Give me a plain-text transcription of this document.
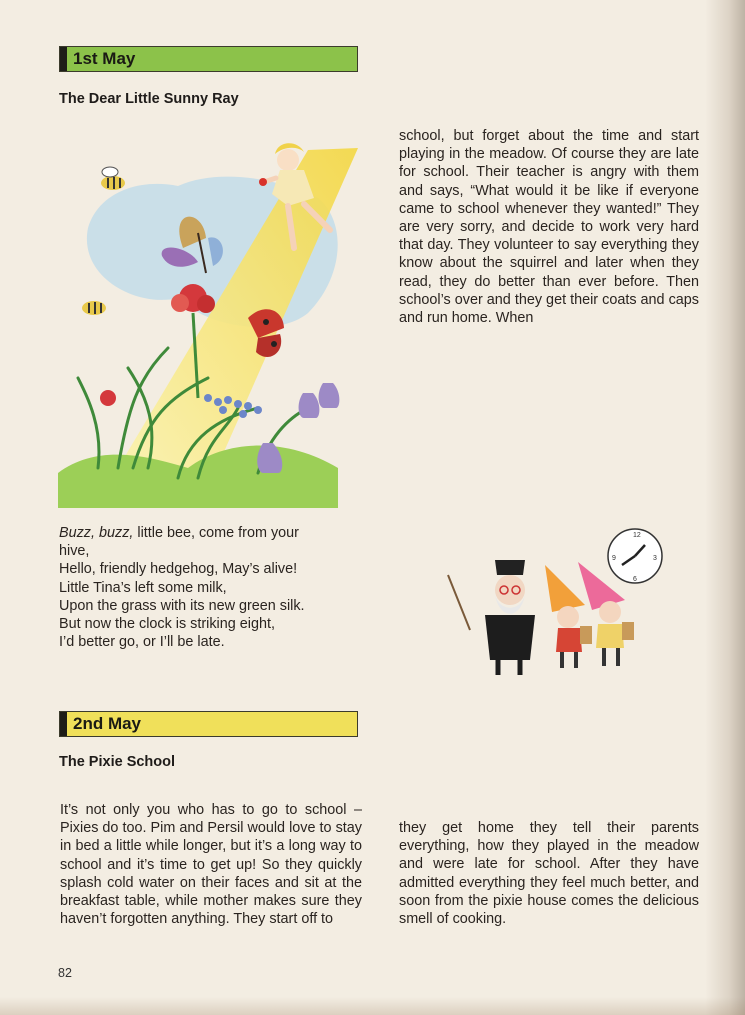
1st May
The Dear Little Sunny Ray
Buzz, buzz, little bee, come from your
hive,
Hello, friendly hedgehog, May’s alive!
Little Tina’s left some milk,
Upon the grass with its new green silk.
But now the clock is striking eight,
I’d better go, or I’ll be late.
school, but forget about the time and start playing in the meadow. Of course they are late for school. Their teacher is angry with them and says, “What would it be like if everyone came to school whenever they wanted!” They are very sorry, and decide to work very hard that day. They volunteer to say everything they know about the squirrel and later when they read, they do better than ever before. Then school’s over and they get their coats and caps and run home. When
12
3
6
9
2nd May
The Pixie School
It’s not only you who has to go to school – Pixies do too. Pim and Persil would love to stay in bed a little while longer, but it’s a long way to school and it’s time to get up! So they quickly splash cold water on their faces and sit at the breakfast table, while mother makes sure they haven’t forgotten anything. They start off to
they get home they tell their parents everything, how they played in the meadow and were late for school. After they have admitted everything they feel much better, and soon from the pixie house comes the delicious smell of cooking.
82
